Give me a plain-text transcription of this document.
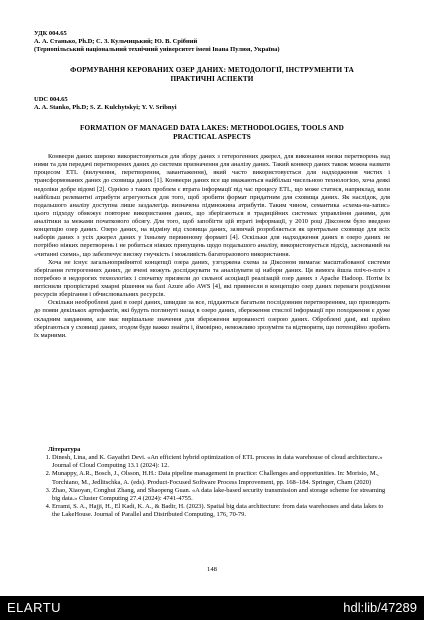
УДК 004.65
А. А. Станько, Ph.D; С. З. Кульчицький; Ю. В. Срібний
(Тернопільський національний технічний університет імені Івана Пулюя, Україна)
ФОРМУВАННЯ КЕРОВАНИХ ОЗЕР ДАНИХ: МЕТОДОЛОГІЇ, ІНСТРУМЕНТИ ТА ПРАКТИЧНІ АСПЕКТИ
UDC 004.65
A. A. Stanko, Ph.D; S. Z. Kulchytskyi; Y. V. Sribnyi
FORMATION OF MANAGED DATA LAKES: METHODOLOGIES, TOOLS AND PRACTICAL ASPECTS

Конвеєри даних широко використовуються для збору даних з гетерогенних джерел, для виконання низки перетворень над ними та для передачі перетворених даних до системи призначення для аналізу даних. Такий конвеєр даних також можна назвати процесом ETL (вилучення, перетворення, завантаження), який часто використовується для надходження чистих і трансформованих даних до сховища даних [1]. Конвеєри даних все ще вважаються найбільш чисельною технологією, хоча деякі недоліки добре відомі [2]. Однією з таких проблем є втрата інформації під час процесу ETL, що може статися, наприклад, коли найбільш релевантні атрибути агрегуються для того, щоб зробити формат придатним для сховища даних. Як наслідок, для подальшого аналізу доступна лише заздалегідь визначена підмножина атрибутів. Таким чином, семантика «схема-на-запис» цього підходу обмежує повторне використання даних, що зберігаються в традиційних системах управління даними, для аналітики за межами початкового обсягу. Для того, щоб запобігти цій втраті інформації, у 2010 році Діксоном було введено концепцію озер даних. Озеро даних, на відміну від сховища даних, зазвичай розробляється як центральне сховище для всіх наборів даних з усіх джерел даних у їхньому первинному форматі [4]. Оскільки для надходження даних в озеро даних не потрібно ніяких перетворень і не робиться ніяких припущень щодо подальшого аналізу, використовується підхід, заснований на «читанні схеми», що забезпечує високу гнучкість і можливість багаторазового використання.

Хоча не існує загальноприйнятої концепції озера даних, узгоджена схема за Діксоном вимагає масштабованої системи зберігання гетерогенних даних, де вчені можуть досліджувати та аналізувати ці набори даних. Ця вимога йшла пліч-о-пліч з потребою в недорогих технологіях і спочатку призвели до сильної асоціації реалізацій озер даних з Apache Hadoop. Потім їх витіснили пропрієтарні хмарні рішення на базі Azure або AWS [4], які привнесли в концепцію озер даних переваги розділення ресурсів зберігання і обчислювальних ресурсів.

Оскільки необроблені дані в озері даних, швидше за все, піддаються багатьом послідовним перетворенням, що призводить до появи декількох артефактів, які будуть поглинуті назад в озеро даних, збереження стислої інформації про походження є дуже складним завданням, але має вирішальне значення для збереження керованості озерою даних. Оброблені дані, які щойно зберігаються у сховищі даних, згодом буде важко знайти і, ймовірно, неможливо зрозуміти та відтворити, що потенційно зробить їх марними.

Література
1. Dinesh, Lina, and K. Gayathri Devi. «An efficient hybrid optimization of ETL process in data warehouse of cloud architecture.» Journal of Cloud Computing 13.1 (2024): 12.
2. Munappy, A.R., Bosch, J., Olsson, H.H.: Data pipeline management in practice: Challenges and opportunities. In: Morisio, M., Torchiano, M., Jedlitschka, A. (eds). Product-Focused Software Process Improvement, pp. 168–184. Springer, Cham (2020)
3. Zhao, Xiaoyan, Conghui Zhang, and Shaopeng Guan. «A data lake-based security transmission and storage scheme for streaming big data.» Cluster Computing 27.4 (2024): 4741-4755.
4. Errami, S. A., Hajji, H., El Kadi, K. A., & Badir, H. (2023). Spatial big data architecture: from data warehouses and data lakes to the LakeHouse. Journal of Parallel and Distributed Computing, 176, 70-79.
148
ELARTU	hdl:lib/47289
